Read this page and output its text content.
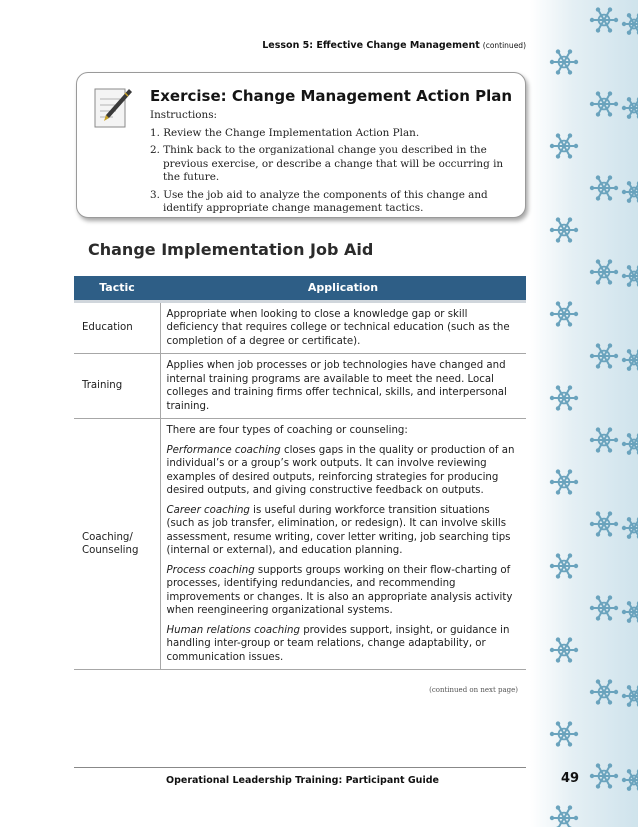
Lesson 5: Effective Change Management (continued)
Exercise: Change Management Action Plan

Instructions:

1. Review the Change Implementation Action Plan.

2. Think back to the organizational change you described in the previous exercise, or describe a change that will be occurring in the future.

3. Use the job aid to analyze the components of this change and identify appropriate change management tactics.

Change Implementation Job Aid
Tactic	Application
Education	Appropriate when looking to close a knowledge gap or skill deficiency that requires college or technical education (such as the completion of a degree or certificate).
Training	Applies when job processes or job technologies have changed and internal training programs are available to meet the need. Local colleges and training firms offer technical, skills, and interpersonal training.
Coaching/ Counseling	There are four types of coaching or counseling:

Performance coaching closes gaps in the quality or production of an individual’s or a group’s work outputs. It can involve reviewing examples of desired outputs, reinforcing strategies for producing desired outputs, and giving constructive feedback on outputs.

Career coaching is useful during workforce transition situations (such as job transfer, elimination, or redesign). It can involve skills assessment, resume writing, cover letter writing, job searching tips (internal or external), and education planning.

Process coaching supports groups working on their flow-charting of processes, identifying redundancies, and recommending improvements or changes. It is also an appropriate analysis activity when reengineering organizational systems.

Human relations coaching provides support, insight, or guidance in handling inter-group or team relations, change adaptability, or communication issues.

(continued on next page)
Operational Leadership Training: Participant Guide	49
